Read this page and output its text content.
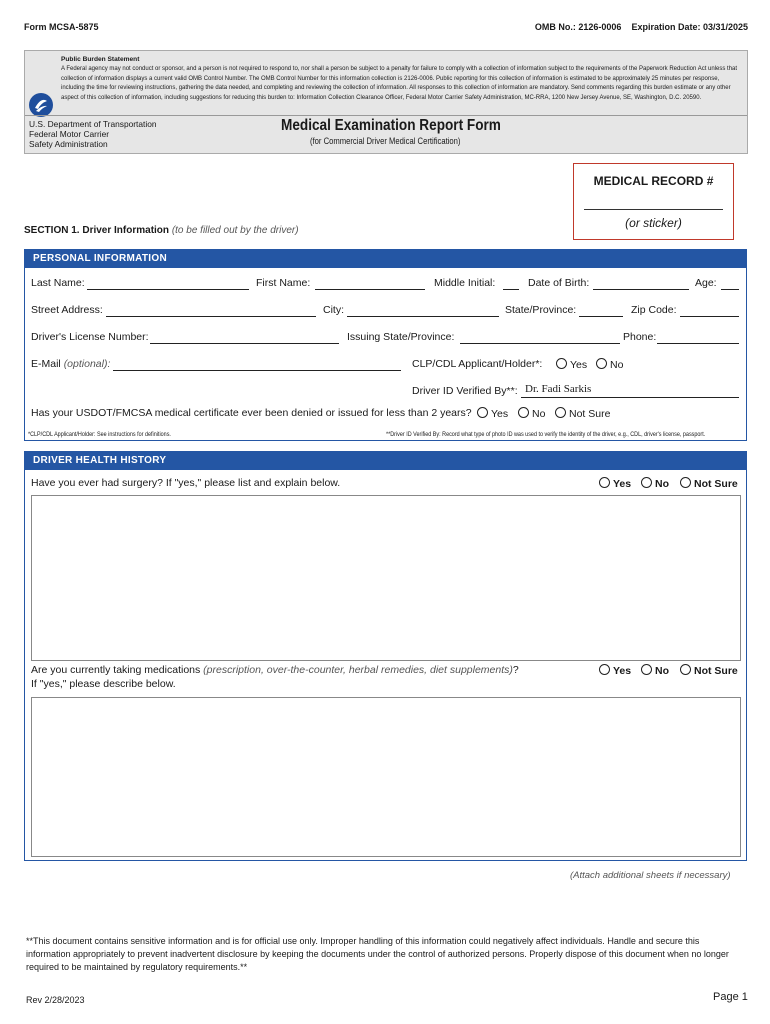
Form MCSA-5875	OMB No.: 2126-0006 Expiration Date: 03/31/2025
Public Burden Statement
A Federal agency may not conduct or sponsor, and a person is not required to respond to, nor shall a person be subject to a penalty for failure to comply with a collection of information subject to the requirements of the Paperwork Reduction Act unless that collection of information displays a current valid OMB Control Number. The OMB Control Number for this information collection is 2126-0006. Public reporting for this collection of information is estimated to be approximately 25 minutes per response, including the time for reviewing instructions, gathering the data needed, and completing and reviewing the collection of information. All responses to this collection of information are mandatory. Send comments regarding this burden estimate or any other aspect of this collection of information, including suggestions for reducing this burden to: Information Collection Clearance Officer, Federal Motor Carrier Safety Administration, MC-RRA, 1200 New Jersey Avenue, SE, Washington, D.C. 20590.
U.S. Department of Transportation
Federal Motor Carrier
Safety Administration
Medical Examination Report Form
(for Commercial Driver Medical Certification)
MEDICAL RECORD #
(or sticker)
SECTION 1. Driver Information (to be filled out by the driver)
PERSONAL INFORMATION
Last Name:	First Name:	Middle Initial:	Date of Birth:	Age:
Street Address:	City:	State/Province:	Zip Code:
Driver's License Number:	Issuing State/Province:	Phone:
E-Mail (optional):	CLP/CDL Applicant/Holder*:	Yes	No
Driver ID Verified By**: Dr. Fadi Sarkis
Has your USDOT/FMCSA medical certificate ever been denied or issued for less than 2 years?	Yes	No	Not Sure
*CLP/CDL Applicant/Holder: See instructions for definitions.	**Driver ID Verified By: Record what type of photo ID was used to verify the identity of the driver, e.g., CDL, driver's license, passport.
DRIVER HEALTH HISTORY
Have you ever had surgery? If "yes," please list and explain below.	Yes	No	Not Sure
Are you currently taking medications (prescription, over-the-counter, herbal remedies, diet supplements)?
If "yes," please describe below.
Yes	No	Not Sure
(Attach additional sheets if necessary)
**This document contains sensitive information and is for official use only. Improper handling of this information could negatively affect individuals. Handle and secure this information appropriately to prevent inadvertent disclosure by keeping the documents under the control of authorized persons. Properly dispose of this document when no longer required to be maintained by regulatory requirements.**
Rev 2/28/2023	Page 1
